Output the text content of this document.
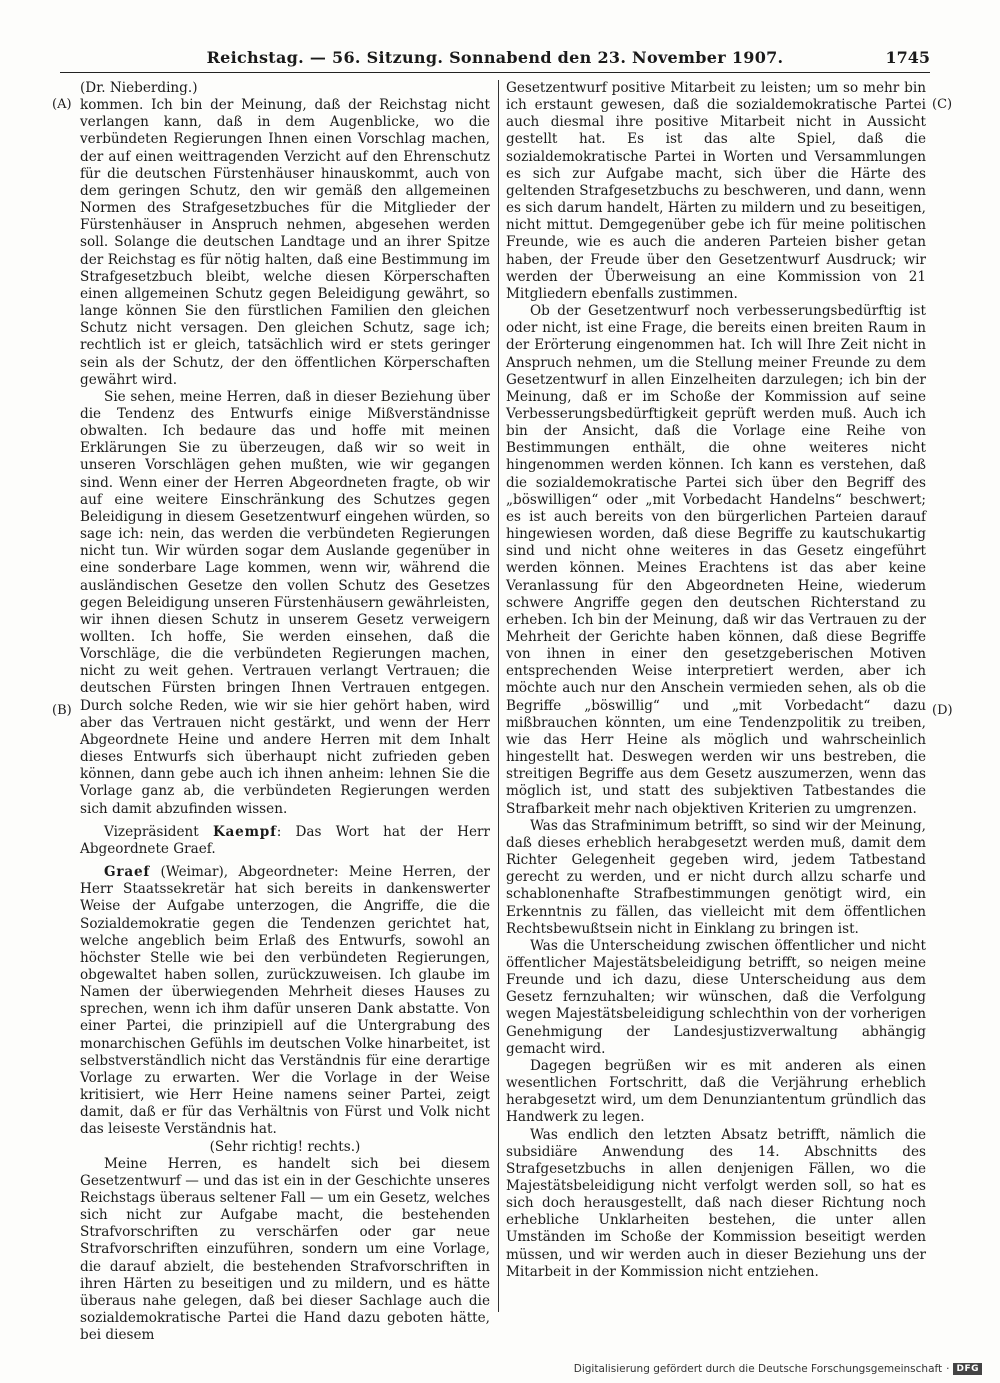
Reichstag. — 56. Sitzung. Sonnabend den 23. November 1907.	1745
(A)
(B)
(C)
(D)

(Dr. Nieberding.)

kommen. Ich bin der Meinung, daß der Reichstag nicht verlangen kann, daß in dem Augenblicke, wo die verbündeten Regierungen Ihnen einen Vorschlag machen, der auf einen weittragenden Verzicht auf den Ehrenschutz für die deutschen Fürstenhäuser hinauskommt, auch von dem geringen Schutz, den wir gemäß den allgemeinen Normen des Strafgesetzbuches für die Mitglieder der Fürstenhäuser in Anspruch nehmen, abgesehen werden soll. Solange die deutschen Landtage und an ihrer Spitze der Reichstag es für nötig halten, daß eine Bestimmung im Strafgesetzbuch bleibt, welche diesen Körperschaften einen allgemeinen Schutz gegen Beleidigung gewährt, so lange können Sie den fürstlichen Familien den gleichen Schutz nicht versagen. Den gleichen Schutz, sage ich; rechtlich ist er gleich, tatsächlich wird er stets geringer sein als der Schutz, der den öffentlichen Körperschaften gewährt wird.

Sie sehen, meine Herren, daß in dieser Beziehung über die Tendenz des Entwurfs einige Mißverständnisse obwalten. Ich bedaure das und hoffe mit meinen Erklärungen Sie zu überzeugen, daß wir so weit in unseren Vorschlägen gehen mußten, wie wir gegangen sind. Wenn einer der Herren Abgeordneten fragte, ob wir auf eine weitere Einschränkung des Schutzes gegen Beleidigung in diesem Gesetzentwurf eingehen würden, so sage ich: nein, das werden die verbündeten Regierungen nicht tun. Wir würden sogar dem Auslande gegenüber in eine sonderbare Lage kommen, wenn wir, während die ausländischen Gesetze den vollen Schutz des Gesetzes gegen Beleidigung unseren Fürstenhäusern gewährleisten, wir ihnen diesen Schutz in unserem Gesetz verweigern wollten. Ich hoffe, Sie werden einsehen, daß die Vorschläge, die die verbündeten Regierungen machen, nicht zu weit gehen. Vertrauen verlangt Vertrauen; die deutschen Fürsten bringen Ihnen Vertrauen entgegen. Durch solche Reden, wie wir sie hier gehört haben, wird aber das Vertrauen nicht gestärkt, und wenn der Herr Abgeordnete Heine und andere Herren mit dem Inhalt dieses Entwurfs sich überhaupt nicht zufrieden geben können, dann gebe auch ich ihnen anheim: lehnen Sie die Vorlage ganz ab, die verbündeten Regierungen werden sich damit abzufinden wissen.

Vizepräsident Kaempf: Das Wort hat der Herr Abgeordnete Graef.

Graef (Weimar), Abgeordneter: Meine Herren, der Herr Staatssekretär hat sich bereits in dankenswerter Weise der Aufgabe unterzogen, die Angriffe, die die Sozialdemokratie gegen die Tendenzen gerichtet hat, welche angeblich beim Erlaß des Entwurfs, sowohl an höchster Stelle wie bei den verbündeten Regierungen, obgewaltet haben sollen, zurückzuweisen. Ich glaube im Namen der überwiegenden Mehrheit dieses Hauses zu sprechen, wenn ich ihm dafür unseren Dank abstatte. Von einer Partei, die prinzipiell auf die Untergrabung des monarchischen Gefühls im deutschen Volke hinarbeitet, ist selbstverständlich nicht das Verständnis für eine derartige Vorlage zu erwarten. Wer die Vorlage in der Weise kritisiert, wie Herr Heine namens seiner Partei, zeigt damit, daß er für das Verhältnis von Fürst und Volk nicht das leiseste Verständnis hat.

(Sehr richtig! rechts.)

Meine Herren, es handelt sich bei diesem Gesetzentwurf — und das ist ein in der Geschichte unseres Reichstags überaus seltener Fall — um ein Gesetz, welches sich nicht zur Aufgabe macht, die bestehenden Strafvorschriften zu verschärfen oder gar neue Strafvorschriften einzuführen, sondern um eine Vorlage, die darauf abzielt, die bestehenden Strafvorschriften in ihren Härten zu beseitigen und zu mildern, und es hätte überaus nahe gelegen, daß bei dieser Sachlage auch die sozialdemokratische Partei die Hand dazu geboten hätte, bei diesem

Gesetzentwurf positive Mitarbeit zu leisten; um so mehr bin ich erstaunt gewesen, daß die sozialdemokratische Partei auch diesmal ihre positive Mitarbeit nicht in Aussicht gestellt hat. Es ist das alte Spiel, daß die sozialdemokratische Partei in Worten und Versammlungen es sich zur Aufgabe macht, sich über die Härte des geltenden Strafgesetzbuchs zu beschweren, und dann, wenn es sich darum handelt, Härten zu mildern und zu beseitigen, nicht mittut. Demgegenüber gebe ich für meine politischen Freunde, wie es auch die anderen Parteien bisher getan haben, der Freude über den Gesetzentwurf Ausdruck; wir werden der Überweisung an eine Kommission von 21 Mitgliedern ebenfalls zustimmen.

Ob der Gesetzentwurf noch verbesserungsbedürftig ist oder nicht, ist eine Frage, die bereits einen breiten Raum in der Erörterung eingenommen hat. Ich will Ihre Zeit nicht in Anspruch nehmen, um die Stellung meiner Freunde zu dem Gesetzentwurf in allen Einzelheiten darzulegen; ich bin der Meinung, daß er im Schoße der Kommission auf seine Verbesserungsbedürftigkeit geprüft werden muß. Auch ich bin der Ansicht, daß die Vorlage eine Reihe von Bestimmungen enthält, die ohne weiteres nicht hingenommen werden können. Ich kann es verstehen, daß die sozialdemokratische Partei sich über den Begriff des „böswilligen“ oder „mit Vorbedacht Handelns“ beschwert; es ist auch bereits von den bürgerlichen Parteien darauf hingewiesen worden, daß diese Begriffe zu kautschukartig sind und nicht ohne weiteres in das Gesetz eingeführt werden können. Meines Erachtens ist das aber keine Veranlassung für den Abgeordneten Heine, wiederum schwere Angriffe gegen den deutschen Richterstand zu erheben. Ich bin der Meinung, daß wir das Vertrauen zu der Mehrheit der Gerichte haben können, daß diese Begriffe von ihnen in einer den gesetzgeberischen Motiven entsprechenden Weise interpretiert werden, aber ich möchte auch nur den Anschein vermieden sehen, als ob die Begriffe „böswillig“ und „mit Vorbedacht“ dazu mißbrauchen könnten, um eine Tendenzpolitik zu treiben, wie das Herr Heine als möglich und wahrscheinlich hingestellt hat. Deswegen werden wir uns bestreben, die streitigen Begriffe aus dem Gesetz auszumerzen, wenn das möglich ist, und statt des subjektiven Tatbestandes die Strafbarkeit mehr nach objektiven Kriterien zu umgrenzen.

Was das Strafminimum betrifft, so sind wir der Meinung, daß dieses erheblich herabgesetzt werden muß, damit dem Richter Gelegenheit gegeben wird, jedem Tatbestand gerecht zu werden, und er nicht durch allzu scharfe und schablonenhafte Strafbestimmungen genötigt wird, ein Erkenntnis zu fällen, das vielleicht mit dem öffentlichen Rechtsbewußtsein nicht in Einklang zu bringen ist.

Was die Unterscheidung zwischen öffentlicher und nicht öffentlicher Majestätsbeleidigung betrifft, so neigen meine Freunde und ich dazu, diese Unterscheidung aus dem Gesetz fernzuhalten; wir wünschen, daß die Verfolgung wegen Majestätsbeleidigung schlechthin von der vorherigen Genehmigung der Landesjustizverwaltung abhängig gemacht wird.

Dagegen begrüßen wir es mit anderen als einen wesentlichen Fortschritt, daß die Verjährung erheblich herabgesetzt wird, um dem Denunziantentum gründlich das Handwerk zu legen.

Was endlich den letzten Absatz betrifft, nämlich die subsidiäre Anwendung des 14. Abschnitts des Strafgesetzbuchs in allen denjenigen Fällen, wo die Majestätsbeleidigung nicht verfolgt werden soll, so hat es sich doch herausgestellt, daß nach dieser Richtung noch erhebliche Unklarheiten bestehen, die unter allen Umständen im Schoße der Kommission beseitigt werden müssen, und wir werden auch in dieser Beziehung uns der Mitarbeit in der Kommission nicht entziehen.

Digitalisierung gefördert durch die Deutsche Forschungsgemeinschaft · DFG
